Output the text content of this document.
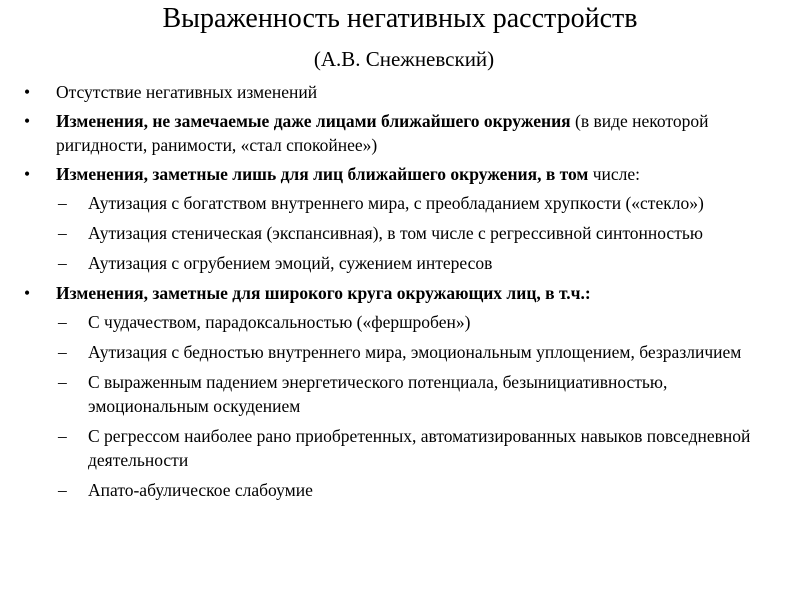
Выраженность негативных расстройств
(А.В. Снежневский)
• Отсутствие негативных изменений
• Изменения, не замечаемые даже лицами ближайшего окружения (в виде некоторой ригидности, ранимости, «стал спокойнее»)
• Изменения, заметные лишь для лиц ближайшего окружения, в том числе:
– Аутизация с богатством внутреннего мира, с преобладанием хрупкости («стекло»)
– Аутизация стеническая (экспансивная), в том числе с регрессивной синтонностью
– Аутизация с огрубением эмоций, сужением интересов
• Изменения, заметные для широкого круга окружающих лиц, в т.ч.:
– С чудачеством, парадоксальностью («фершробен»)
– Аутизация с бедностью внутреннего мира, эмоциональным уплощением, безразличием
– С выраженным падением энергетического потенциала, безынициативностью, эмоциональным оскудением
– С регрессом наиболее рано приобретенных, автоматизированных навыков повседневной деятельности
– Апато-абулическое слабоумие
